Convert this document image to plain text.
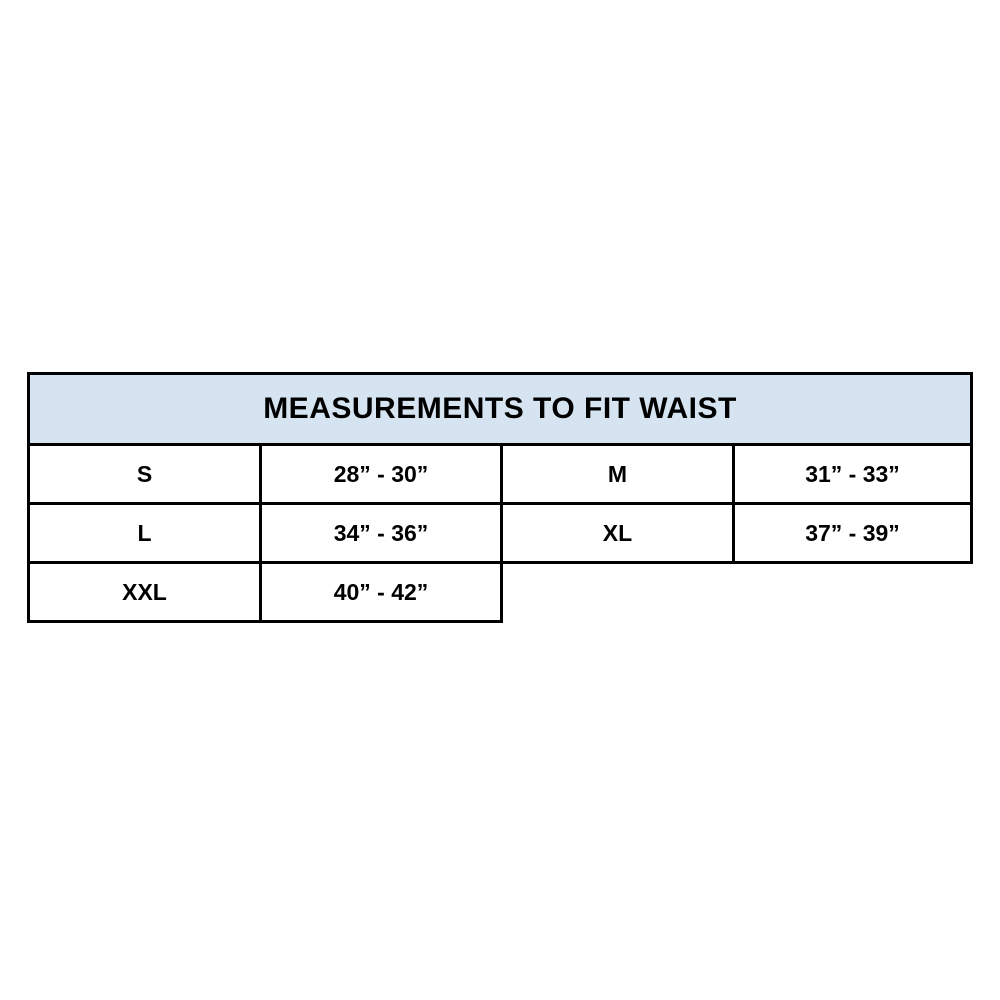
MEASUREMENTS TO FIT WAIST			
S	28” - 30”	M	31” - 33”
L	34” - 36”	XL	37” - 39”
XXL	40” - 42”		
